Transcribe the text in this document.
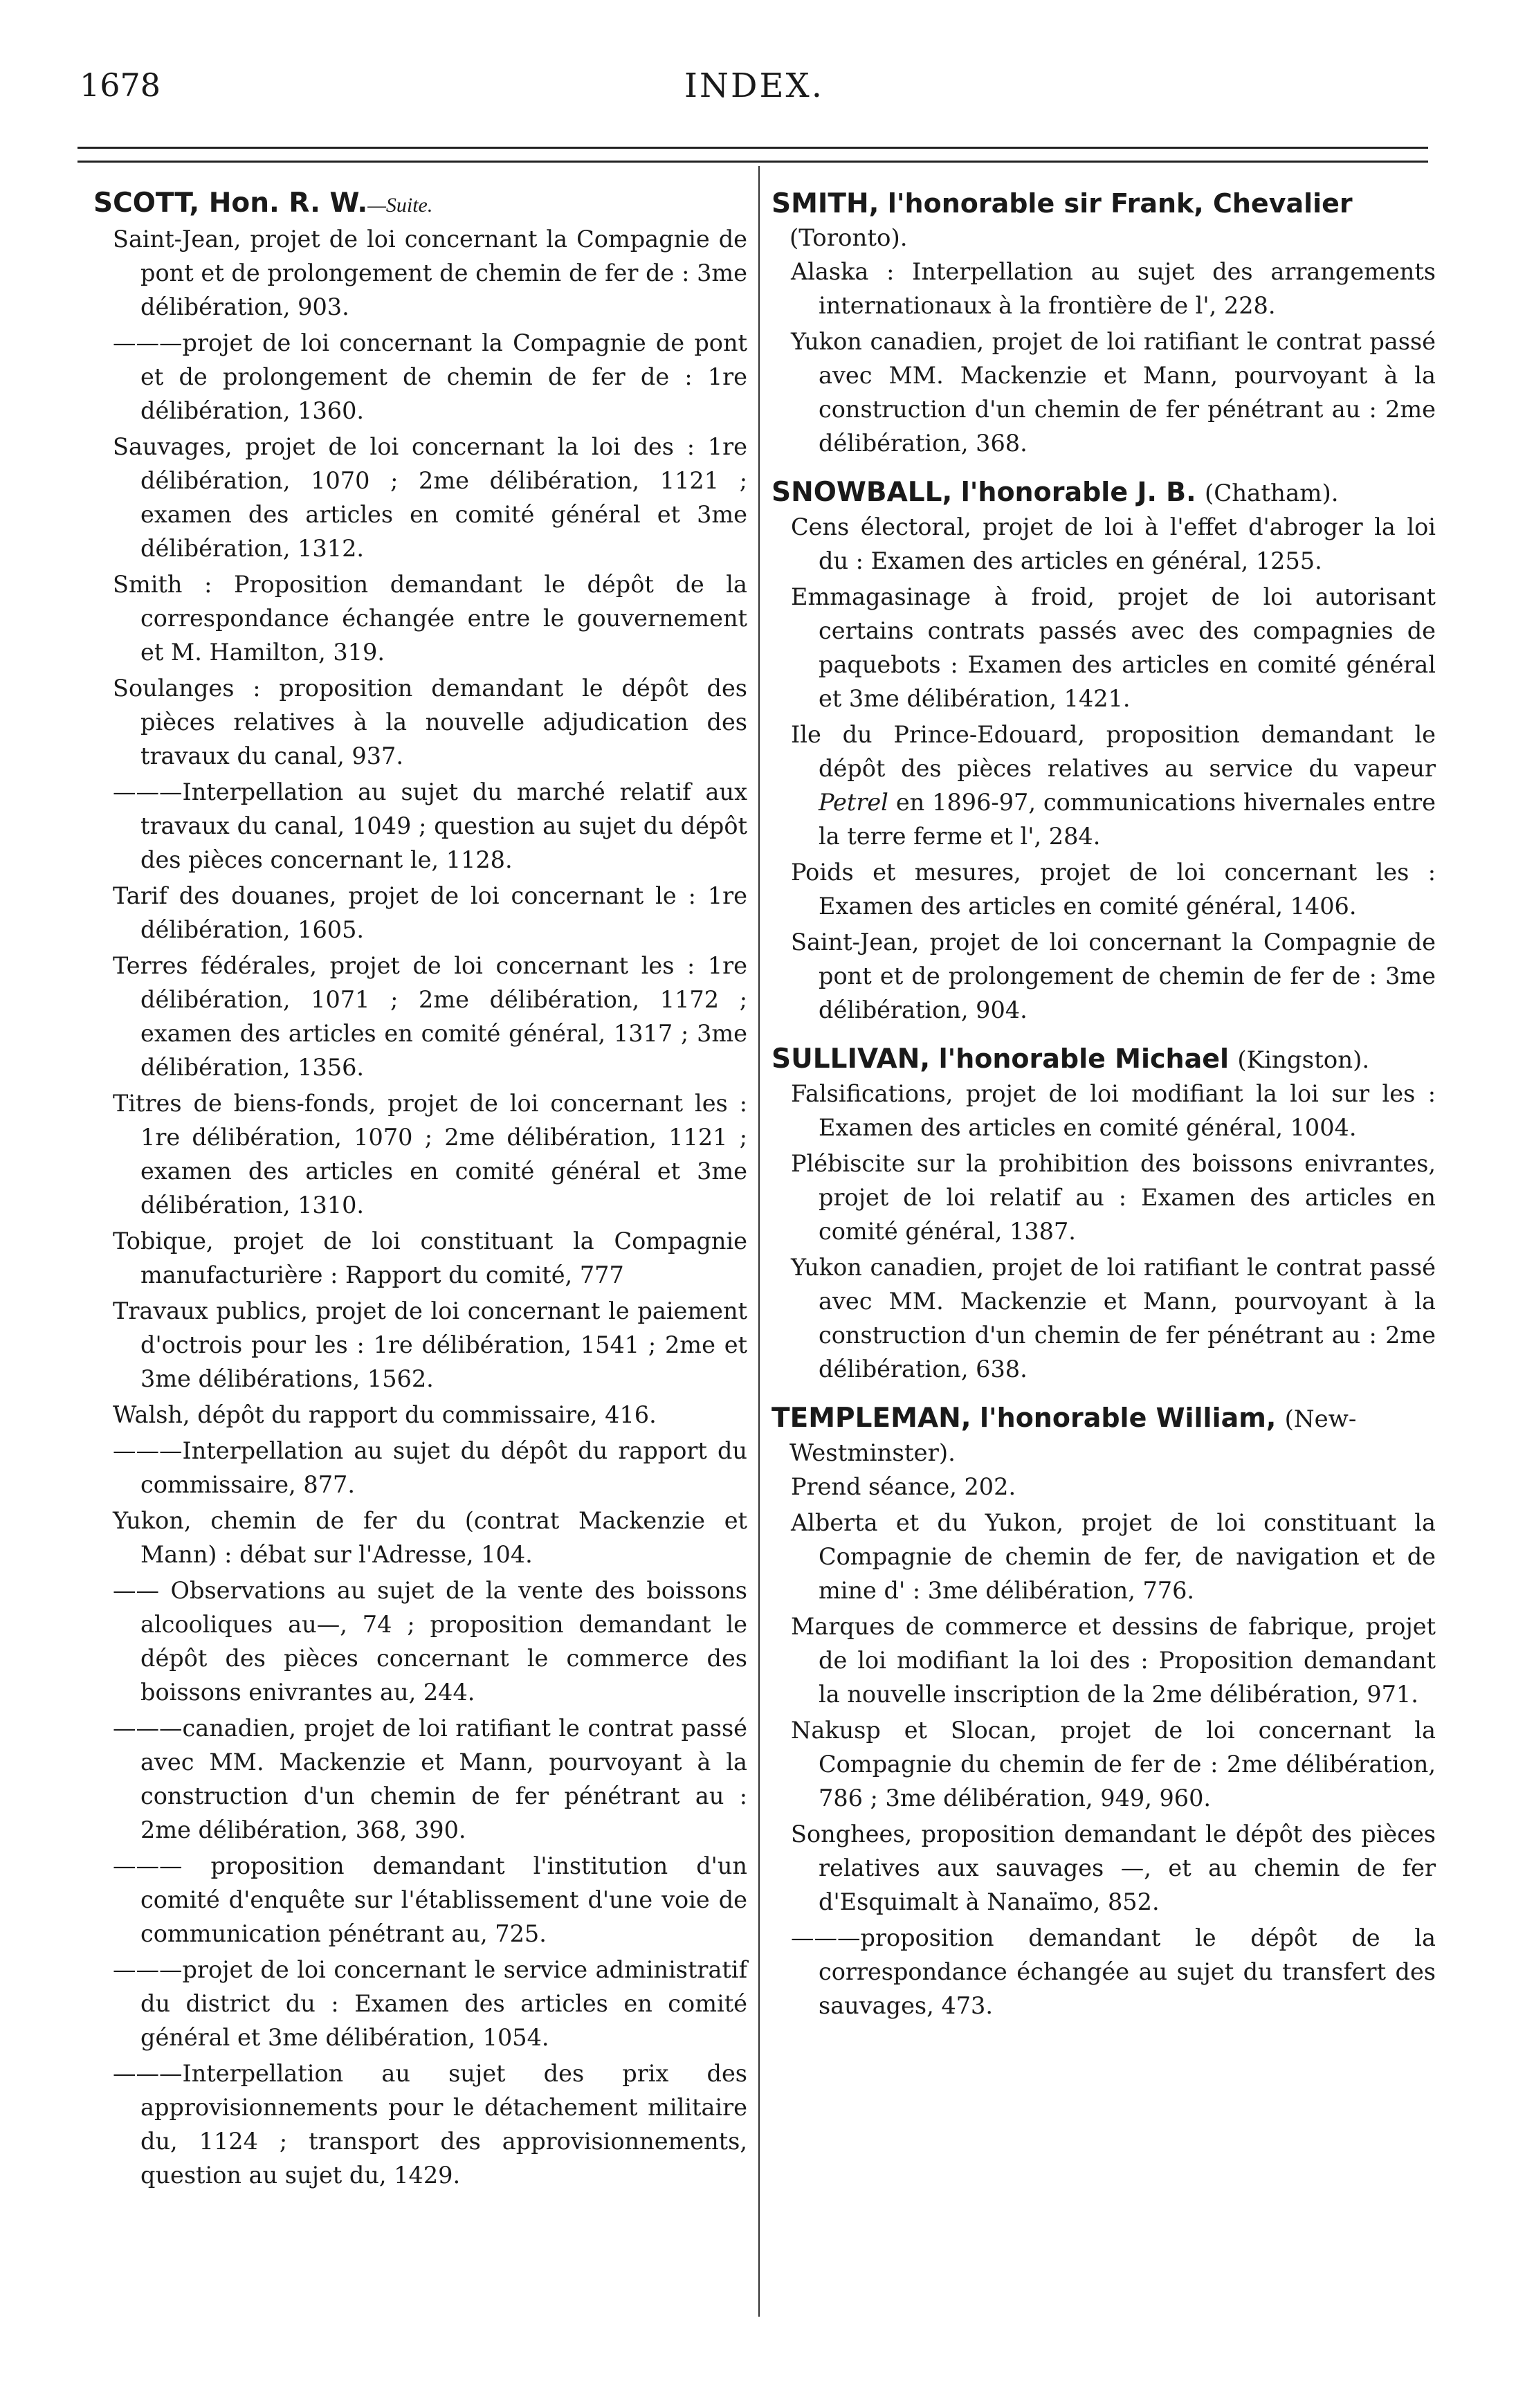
1678	INDEX.
SCOTT, Hon. R. W.—Suite.

Saint-Jean, projet de loi concernant la Compagnie de pont et de prolongement de chemin de fer de : 3me délibération, 903.

———projet de loi concernant la Compagnie de pont et de prolongement de chemin de fer de : 1re délibération, 1360.

Sauvages, projet de loi concernant la loi des : 1re délibération, 1070 ; 2me délibération, 1121 ; examen des articles en comité général et 3me délibération, 1312.

Smith : Proposition demandant le dépôt de la correspondance échangée entre le gouvernement et M. Hamilton, 319.

Soulanges : proposition demandant le dépôt des pièces relatives à la nouvelle adjudication des travaux du canal, 937.

———Interpellation au sujet du marché relatif aux travaux du canal, 1049 ; question au sujet du dépôt des pièces concernant le, 1128.

Tarif des douanes, projet de loi concernant le : 1re délibération, 1605.

Terres fédérales, projet de loi concernant les : 1re délibération, 1071 ; 2me délibération, 1172 ; examen des articles en comité général, 1317 ; 3me délibération, 1356.

Titres de biens-fonds, projet de loi concernant les : 1re délibération, 1070 ; 2me délibération, 1121 ; examen des articles en comité général et 3me délibération, 1310.

Tobique, projet de loi constituant la Compagnie manufacturière : Rapport du comité, 777

Travaux publics, projet de loi concernant le paiement d'octrois pour les : 1re délibération, 1541 ; 2me et 3me délibérations, 1562.

Walsh, dépôt du rapport du commissaire, 416.

———Interpellation au sujet du dépôt du rapport du commissaire, 877.

Yukon, chemin de fer du (contrat Mackenzie et Mann) : débat sur l'Adresse, 104.

—— Observations au sujet de la vente des boissons alcooliques au—, 74 ; proposition demandant le dépôt des pièces concernant le commerce des boissons enivrantes au, 244.

———canadien, projet de loi ratifiant le contrat passé avec MM. Mackenzie et Mann, pourvoyant à la construction d'un chemin de fer pénétrant au : 2me délibération, 368, 390.

——— proposition demandant l'institution d'un comité d'enquête sur l'établissement d'une voie de communication pénétrant au, 725.

———projet de loi concernant le service administratif du district du : Examen des articles en comité général et 3me délibération, 1054.

———Interpellation au sujet des prix des approvisionnements pour le détachement militaire du, 1124 ; transport des approvisionnements, question au sujet du, 1429.

SMITH, l'honorable sir Frank, Chevalier (Toronto).

Alaska : Interpellation au sujet des arrangements internationaux à la frontière de l', 228.

Yukon canadien, projet de loi ratifiant le contrat passé avec MM. Mackenzie et Mann, pourvoyant à la construction d'un chemin de fer pénétrant au : 2me délibération, 368.

SNOWBALL, l'honorable J. B. (Chatham).

Cens électoral, projet de loi à l'effet d'abroger la loi du : Examen des articles en général, 1255.

Emmagasinage à froid, projet de loi autorisant certains contrats passés avec des compagnies de paquebots : Examen des articles en comité général et 3me délibération, 1421.

Ile du Prince-Edouard, proposition demandant le dépôt des pièces relatives au service du vapeur Petrel en 1896-97, communications hivernales entre la terre ferme et l', 284.

Poids et mesures, projet de loi concernant les : Examen des articles en comité général, 1406.

Saint-Jean, projet de loi concernant la Compagnie de pont et de prolongement de chemin de fer de : 3me délibération, 904.

SULLIVAN, l'honorable Michael (Kingston).

Falsifications, projet de loi modifiant la loi sur les : Examen des articles en comité général, 1004.

Plébiscite sur la prohibition des boissons enivrantes, projet de loi relatif au : Examen des articles en comité général, 1387.

Yukon canadien, projet de loi ratifiant le contrat passé avec MM. Mackenzie et Mann, pourvoyant à la construction d'un chemin de fer pénétrant au : 2me délibération, 638.

TEMPLEMAN, l'honorable William, (New-Westminster).

Prend séance, 202.

Alberta et du Yukon, projet de loi constituant la Compagnie de chemin de fer, de navigation et de mine d' : 3me délibération, 776.

Marques de commerce et dessins de fabrique, projet de loi modifiant la loi des : Proposition demandant la nouvelle inscription de la 2me délibération, 971.

Nakusp et Slocan, projet de loi concernant la Compagnie du chemin de fer de : 2me délibération, 786 ; 3me délibération, 949, 960.

Songhees, proposition demandant le dépôt des pièces relatives aux sauvages —, et au chemin de fer d'Esquimalt à Nanaïmo, 852.

———proposition demandant le dépôt de la correspondance échangée au sujet du transfert des sauvages, 473.
